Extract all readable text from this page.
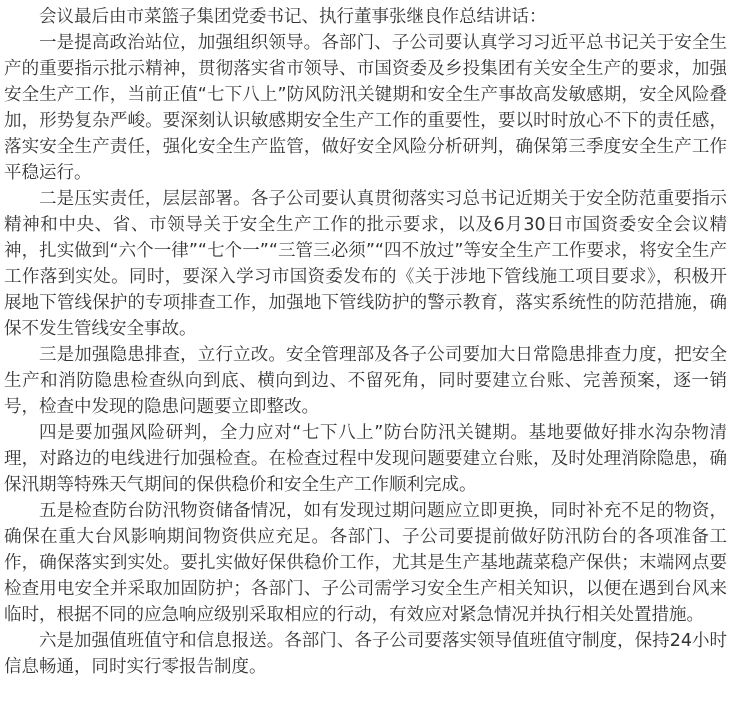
会议最后由市菜篮子集团党委书记、执行董事张继良作总结讲话：

一是提高政治站位，加强组织领导。各部门、子公司要认真学习习近平总书记关于安全生产的重要指示批示精神，贯彻落实省市领导、市国资委及乡投集团有关安全生产的要求，加强安全生产工作，当前正值“七下八上”防风防汛关键期和安全生产事故高发敏感期，安全风险叠加，形势复杂严峻。要深刻认识敏感期安全生产工作的重要性，要以时时放心不下的责任感，落实安全生产责任，强化安全生产监管，做好安全风险分析研判，确保第三季度安全生产工作平稳运行。

二是压实责任，层层部署。各子公司要认真贯彻落实习总书记近期关于安全防范重要指示精神和中央、省、市领导关于安全生产工作的批示要求，以及6月30日市国资委安全会议精神，扎实做到“六个一律”“七个一”“三管三必须”“四不放过”等安全生产工作要求，将安全生产工作落到实处。同时，要深入学习市国资委发布的《关于涉地下管线施工项目要求》，积极开展地下管线保护的专项排查工作，加强地下管线防护的警示教育，落实系统性的防范措施，确保不发生管线安全事故。

三是加强隐患排查，立行立改。安全管理部及各子公司要加大日常隐患排查力度，把安全生产和消防隐患检查纵向到底、横向到边、不留死角，同时要建立台账、完善预案，逐一销号，检查中发现的隐患问题要立即整改。

四是要加强风险研判，全力应对“七下八上”防台防汛关键期。基地要做好排水沟杂物清理，对路边的电线进行加强检查。在检查过程中发现问题要建立台账，及时处理消除隐患，确保汛期等特殊天气期间的保供稳价和安全生产工作顺利完成。

五是检查防台防汛物资储备情况，如有发现过期问题应立即更换，同时补充不足的物资，确保在重大台风影响期间物资供应充足。各部门、子公司要提前做好防汛防台的各项准备工作，确保落实到实处。要扎实做好保供稳价工作，尤其是生产基地蔬菜稳产保供；末端网点要检查用电安全并采取加固防护；各部门、子公司需学习安全生产相关知识，以便在遇到台风来临时，根据不同的应急响应级别采取相应的行动，有效应对紧急情况并执行相关处置措施。

六是加强值班值守和信息报送。各部门、各子公司要落实领导值班值守制度，保持24小时信息畅通，同时实行零报告制度。
